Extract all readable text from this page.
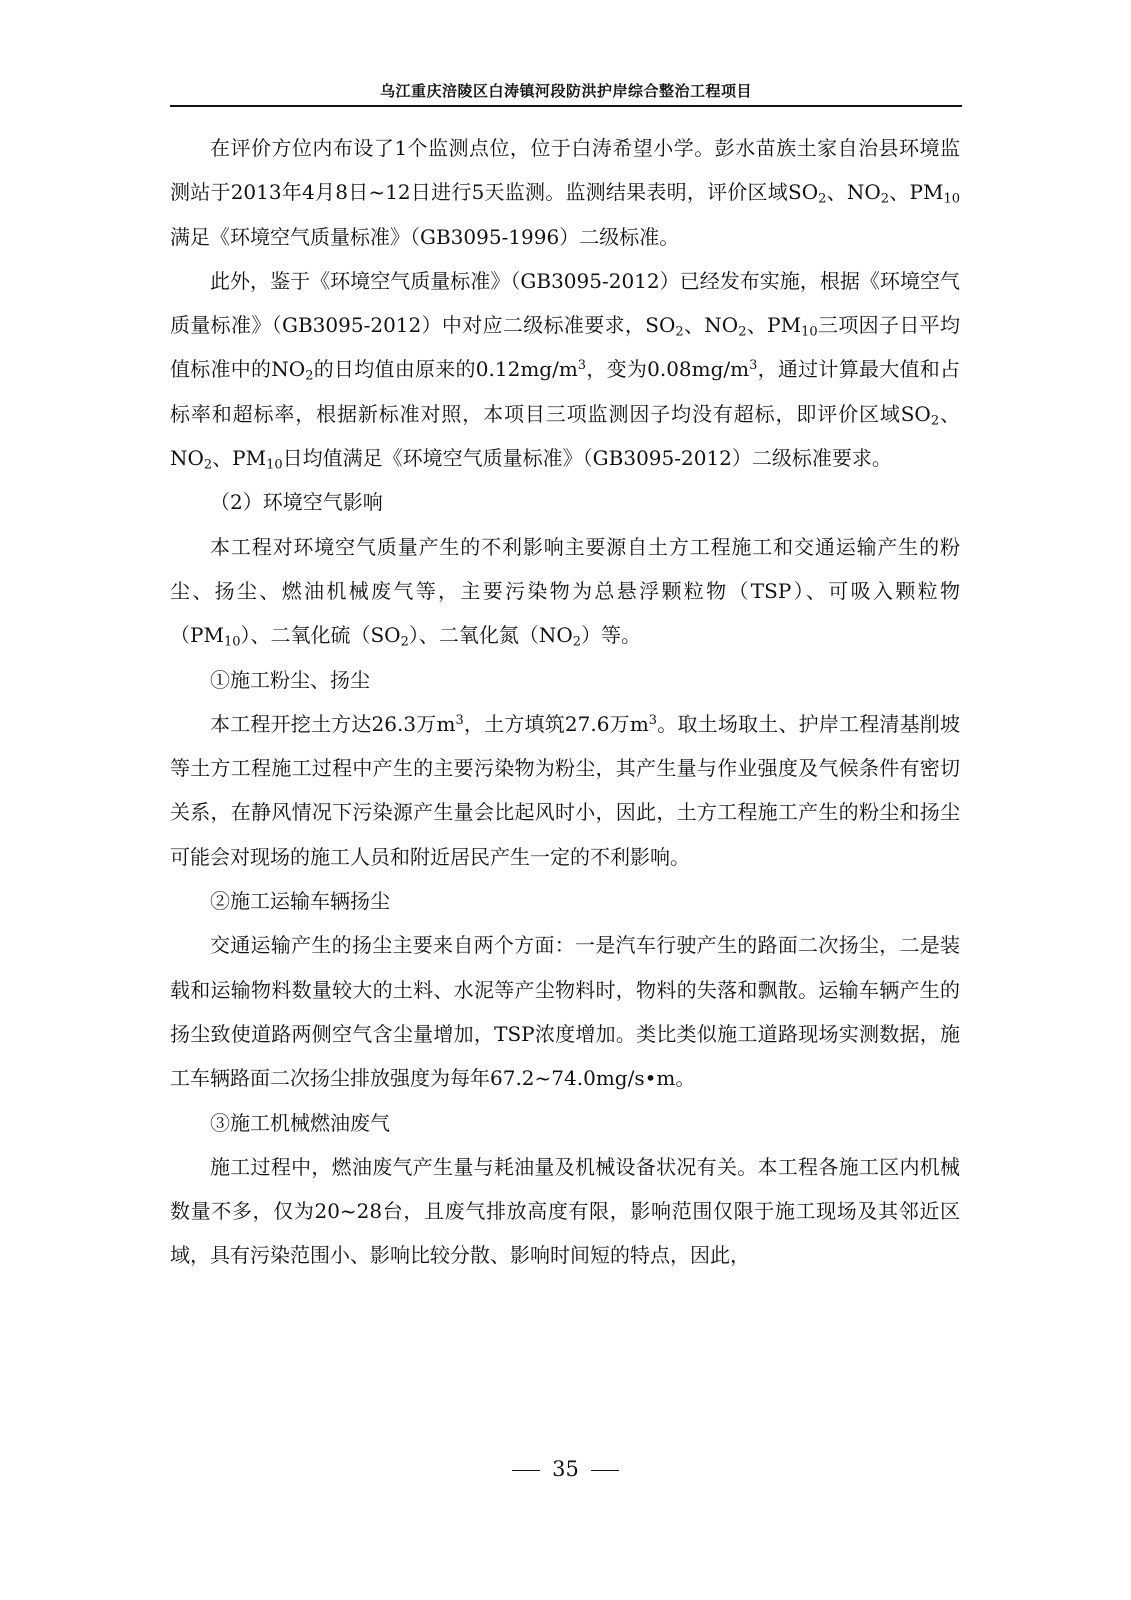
乌江重庆涪陵区白涛镇河段防洪护岸综合整治工程项目

在评价方位内布设了1个监测点位，位于白涛希望小学。彭水苗族土家自治县环境监测站于2013年4月8日~12日进行5天监测。监测结果表明，评价区域$SO_2$、$NO_2$、$PM_{10}$满足《环境空气质量标准》（GB3095-1996）二级标准。

此外，鉴于《环境空气质量标准》（GB3095-2012）已经发布实施，根据《环境空气质量标准》（GB3095-2012）中对应二级标准要求，$SO_2$、$NO_2$、$PM_{10}$三项因子日平均值标准中的$NO_2$的日均值由原来的$0.12mg/m^3$，变为$0.08mg/m^3$，通过计算最大值和占标率和超标率，根据新标准对照，本项目三项监测因子均没有超标，即评价区域$SO_2$、$NO_2$、$PM_{10}$日均值满足《环境空气质量标准》（GB3095-2012）二级标准要求。

（2）环境空气影响

本工程对环境空气质量产生的不利影响主要源自土方工程施工和交通运输产生的粉尘、扬尘、燃油机械废气等，主要污染物为总悬浮颗粒物（TSP）、可吸入颗粒物$(PM_{10})$、二氧化硫$(SO_2)$、二氧化氮$(NO_2)$等。

①施工粉尘、扬尘

本工程开挖土方达26.3万$m^3$，土方填筑27.6万$m^3$。取土场取土、护岸工程清基削坡等土方工程施工过程中产生的主要污染物为粉尘，其产生量与作业强度及气候条件有密切关系，在静风情况下污染源产生量会比起风时小，因此，土方工程施工产生的粉尘和扬尘可能会对现场的施工人员和附近居民产生一定的不利影响。

②施工运输车辆扬尘

交通运输产生的扬尘主要来自两个方面：一是汽车行驶产生的路面二次扬尘，二是装载和运输物料数量较大的土料、水泥等产尘物料时，物料的失落和飘散。运输车辆产生的扬尘致使道路两侧空气含尘量增加，TSP浓度增加。类比类似施工道路现场实测数据，施工车辆路面二次扬尘排放强度为每年67.2~74.0mg/s•m。

③施工机械燃油废气

施工过程中，燃油废气产生量与耗油量及机械设备状况有关。本工程各施工区内机械数量不多，仅为20~28台，且废气排放高度有限，影响范围仅限于施工现场及其邻近区域，具有污染范围小、影响比较分散、影响时间短的特点，因此，

35
